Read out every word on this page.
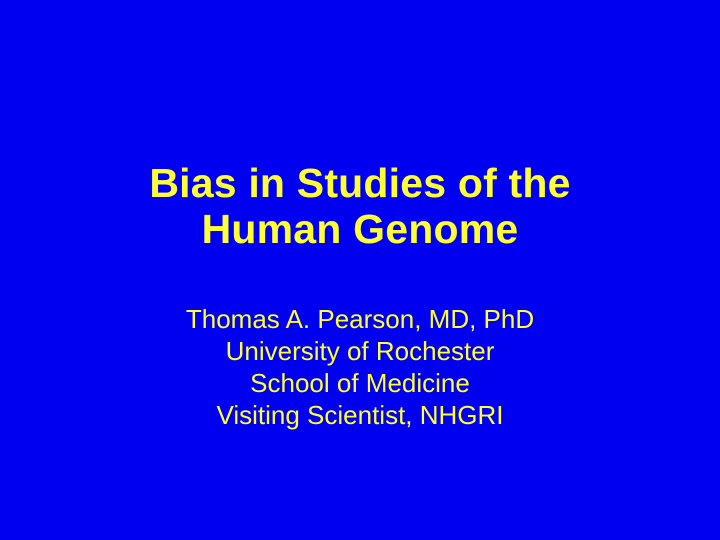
Bias in Studies of the
Human Genome
Thomas A. Pearson, MD, PhD
University of Rochester
School of Medicine
Visiting Scientist, NHGRI
